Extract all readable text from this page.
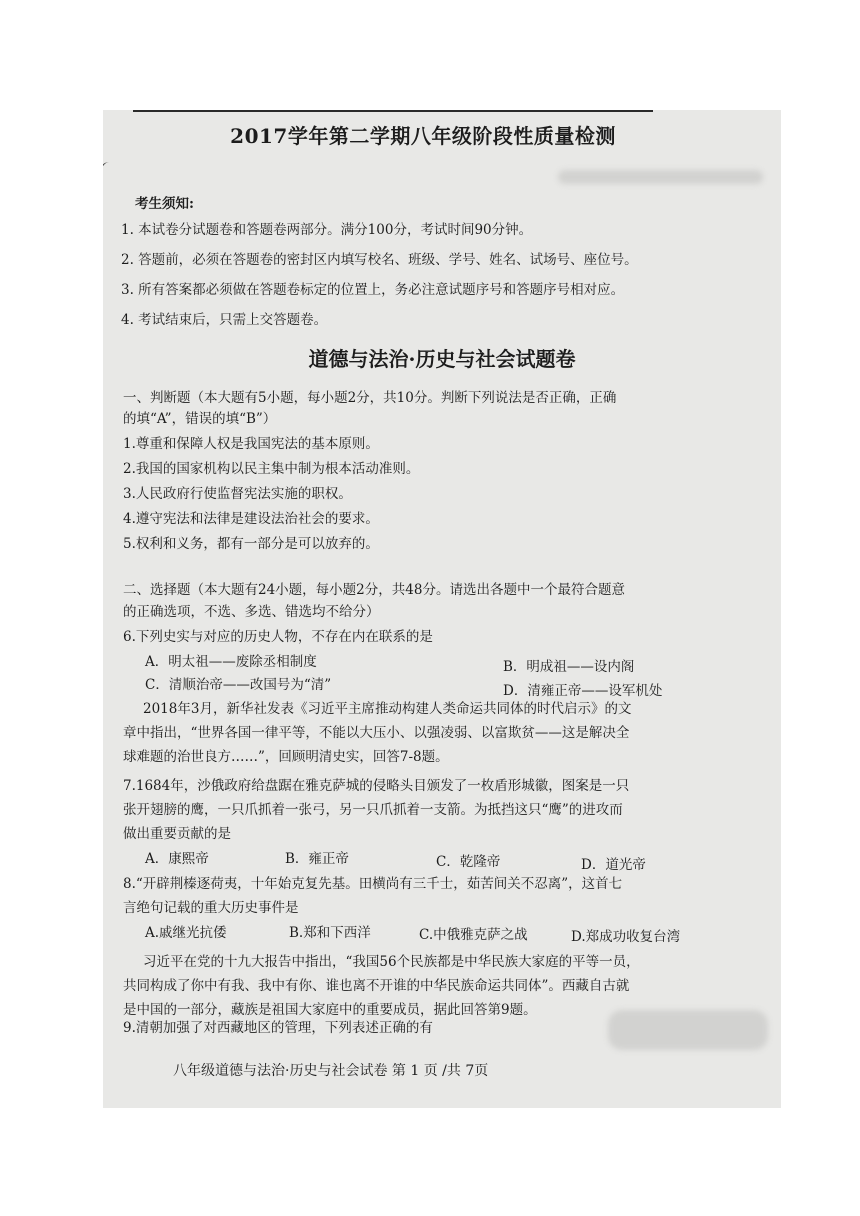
2017学年第二学期八年级阶段性质量检测
考生须知:
1. 本试卷分试题卷和答题卷两部分。满分100分，考试时间90分钟。
2. 答题前，必须在答题卷的密封区内填写校名、班级、学号、姓名、试场号、座位号。
3. 所有答案都必须做在答题卷标定的位置上，务必注意试题序号和答题序号相对应。
4. 考试结束后，只需上交答题卷。
道德与法治·历史与社会试题卷
一、判断题（本大题有5小题，每小题2分，共10分。判断下列说法是否正确，正确
的填“A”，错误的填“B”）
1.尊重和保障人权是我国宪法的基本原则。
2.我国的国家机构以民主集中制为根本活动准则。
3.人民政府行使监督宪法实施的职权。
4.遵守宪法和法律是建设法治社会的要求。
5.权利和义务，都有一部分是可以放弃的。
二、选择题（本大题有24小题，每小题2分，共48分。请选出各题中一个最符合题意
的正确选项，不选、多选、错选均不给分）
6.下列史实与对应的历史人物，不存在内在联系的是
A．明太祖——废除丞相制度	B．明成祖——设内阁
C．清顺治帝——改国号为“清”	D．清雍正帝——设军机处
2018年3月，新华社发表《习近平主席推动构建人类命运共同体的时代启示》的文
章中指出，“世界各国一律平等，不能以大压小、以强凌弱、以富欺贫——这是解决全
球难题的治世良方……”，回顾明清史实，回答7-8题。
7.1684年，沙俄政府给盘踞在雅克萨城的侵略头目颁发了一枚盾形城徽，图案是一只
张开翅膀的鹰，一只爪抓着一张弓，另一只爪抓着一支箭。为抵挡这只“鹰”的进攻而
做出重要贡献的是
A．康熙帝	B．雍正帝	C．乾隆帝	D．道光帝
8.“开辟荆榛逐荷夷，十年始克复先基。田横尚有三千士，茹苦间关不忍离”，这首七
言绝句记载的重大历史事件是
A.戚继光抗倭	B.郑和下西洋	C.中俄雅克萨之战	D.郑成功收复台湾
习近平在党的十九大报告中指出，“我国56个民族都是中华民族大家庭的平等一员，
共同构成了你中有我、我中有你、谁也离不开谁的中华民族命运共同体”。西藏自古就
是中国的一部分，藏族是祖国大家庭中的重要成员，据此回答第9题。
9.清朝加强了对西藏地区的管理，下列表述正确的有
八年级道德与法治·历史与社会试卷 第 1 页 /共 7页
